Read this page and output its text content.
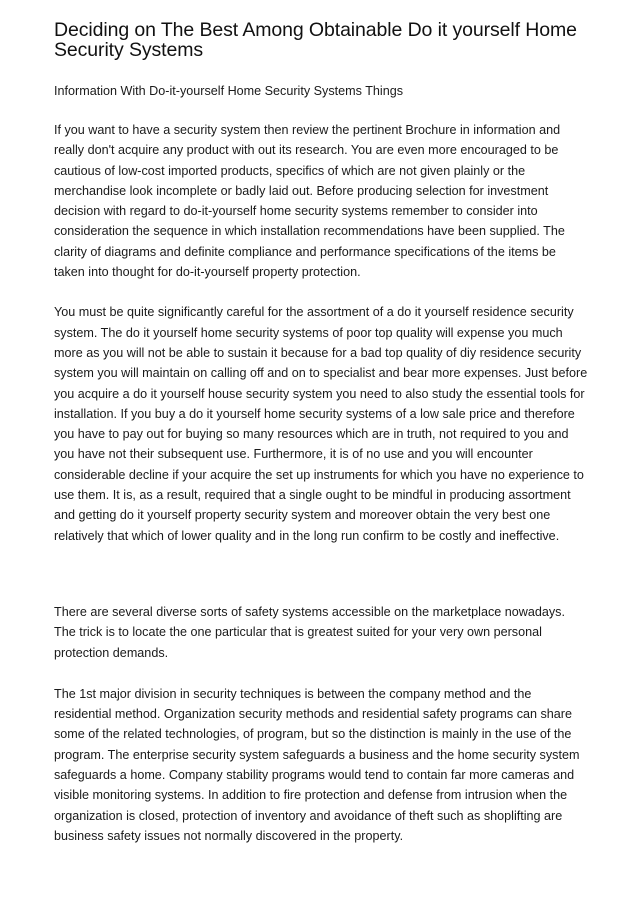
Deciding on The Best Among Obtainable Do it yourself Home Security Systems

Information With Do-it-yourself Home Security Systems Things

If you want to have a security system then review the pertinent Brochure in information and really don't acquire any product with out its research. You are even more encouraged to be cautious of low-cost imported products, specifics of which are not given plainly or the merchandise look incomplete or badly laid out. Before producing selection for investment decision with regard to do-it-yourself home security systems remember to consider into consideration the sequence in which installation recommendations have been supplied. The clarity of diagrams and definite compliance and performance specifications of the items be taken into thought for do-it-yourself property protection.

You must be quite significantly careful for the assortment of a do it yourself residence security system. The do it yourself home security systems of poor top quality will expense you much more as you will not be able to sustain it because for a bad top quality of diy residence security system you will maintain on calling off and on to specialist and bear more expenses. Just before you acquire a do it yourself house security system you need to also study the essential tools for installation. If you buy a do it yourself home security systems of a low sale price and therefore you have to pay out for buying so many resources which are in truth, not required to you and you have not their subsequent use. Furthermore, it is of no use and you will encounter considerable decline if your acquire the set up instruments for which you have no experience to use them. It is, as a result, required that a single ought to be mindful in producing assortment and getting do it yourself property security system and moreover obtain the very best one relatively that which of lower quality and in the long run confirm to be costly and ineffective.

There are several diverse sorts of safety systems accessible on the marketplace nowadays. The trick is to locate the one particular that is greatest suited for your very own personal protection demands.

The 1st major division in security techniques is between the company method and the residential method. Organization security methods and residential safety programs can share some of the related technologies, of program, but so the distinction is mainly in the use of the program. The enterprise security system safeguards a business and the home security system safeguards a home. Company stability programs would tend to contain far more cameras and visible monitoring systems. In addition to fire protection and defense from intrusion when the organization is closed, protection of inventory and avoidance of theft such as shoplifting are business safety issues not normally discovered in the property.
